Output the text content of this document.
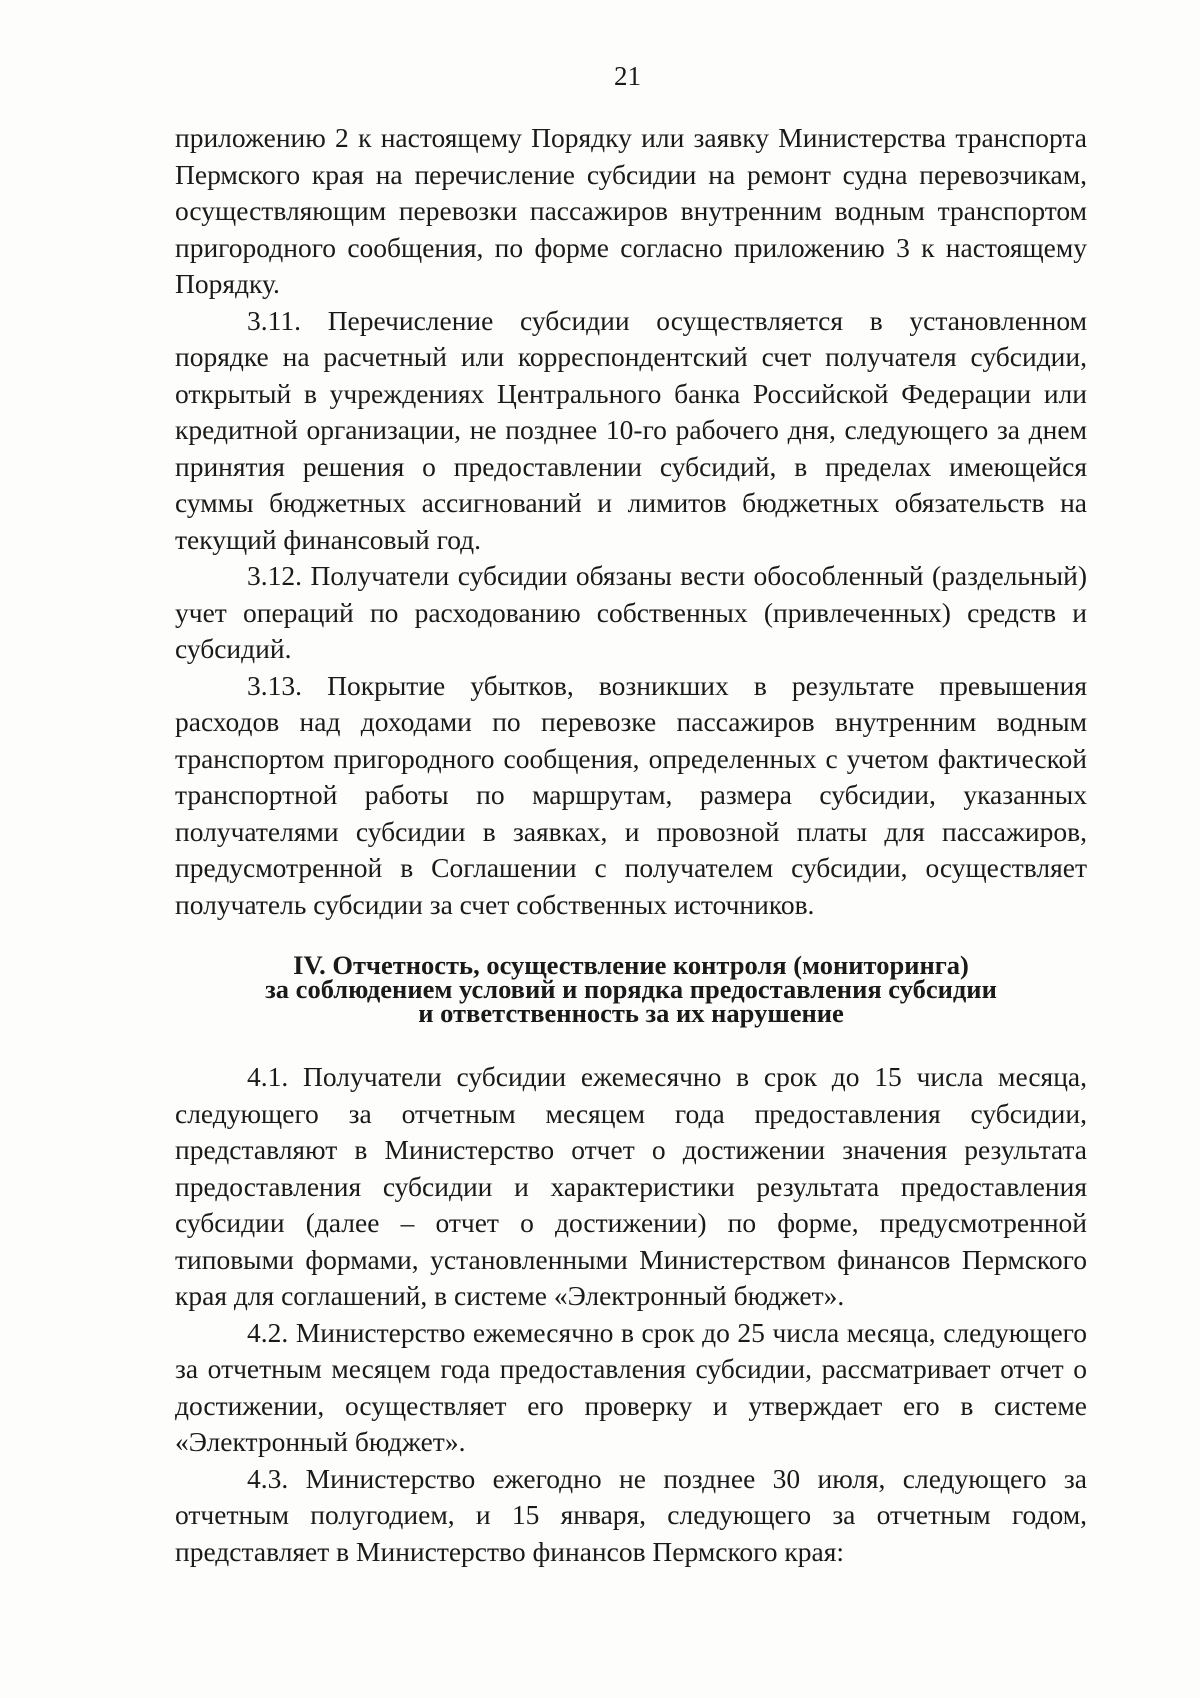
21

приложению 2 к настоящему Порядку или заявку Министерства транспорта Пермского края на перечисление субсидии на ремонт судна перевозчикам, осуществляющим перевозки пассажиров внутренним водным транспортом пригородного сообщения, по форме согласно приложению 3 к настоящему Порядку.

3.11. Перечисление субсидии осуществляется в установленном порядке на расчетный или корреспондентский счет получателя субсидии, открытый в учреждениях Центрального банка Российской Федерации или кредитной организации, не позднее 10-го рабочего дня, следующего за днем принятия решения о предоставлении субсидий, в пределах имеющейся суммы бюджетных ассигнований и лимитов бюджетных обязательств на текущий финансовый год.

3.12. Получатели субсидии обязаны вести обособленный (раздельный) учет операций по расходованию собственных (привлеченных) средств и субсидий.

3.13. Покрытие убытков, возникших в результате превышения расходов над доходами по перевозке пассажиров внутренним водным транспортом пригородного сообщения, определенных с учетом фактической транспортной работы по маршрутам, размера субсидии, указанных получателями субсидии в заявках, и провозной платы для пассажиров, предусмотренной в Соглашении с получателем субсидии, осуществляет получатель субсидии за счет собственных источников.

IV. Отчетность, осуществление контроля (мониторинга)
за соблюдением условий и порядка предоставления субсидии
и ответственность за их нарушение

4.1. Получатели субсидии ежемесячно в срок до 15 числа месяца, следующего за отчетным месяцем года предоставления субсидии, представляют в Министерство отчет о достижении значения результата предоставления субсидии и характеристики результата предоставления субсидии (далее – отчет о достижении) по форме, предусмотренной типовыми формами, установленными Министерством финансов Пермского края для соглашений, в системе «Электронный бюджет».

4.2. Министерство ежемесячно в срок до 25 числа месяца, следующего за отчетным месяцем года предоставления субсидии, рассматривает отчет о достижении, осуществляет его проверку и утверждает его в системе «Электронный бюджет».

4.3. Министерство ежегодно не позднее 30 июля, следующего за отчетным полугодием, и 15 января, следующего за отчетным годом, представляет в Министерство финансов Пермского края:
